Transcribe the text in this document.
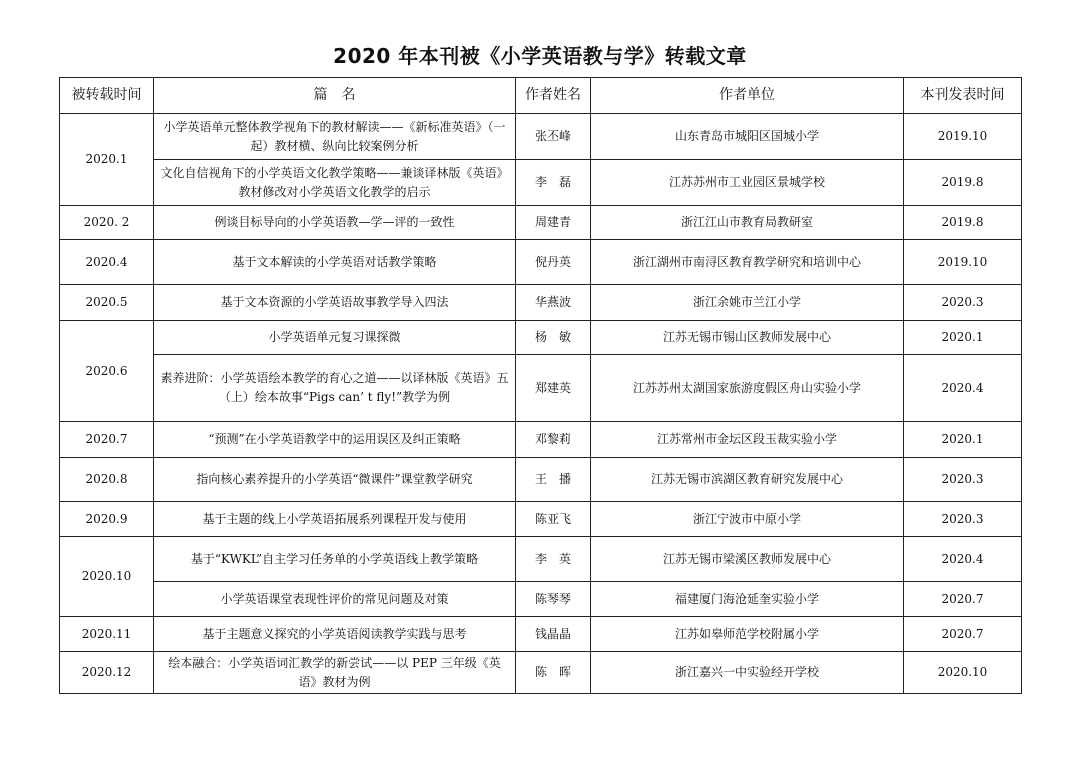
2020 年本刊被《小学英语教与学》转载文章
被转载时间	篇　名	作者姓名	作者单位	本刊发表时间
2020.1	小学英语单元整体教学视角下的教材解读——《新标准英语》（一起）教材横、纵向比较案例分析	张丕峰	山东青岛市城阳区国城小学	2019.10
	文化自信视角下的小学英语文化教学策略——兼谈译林版《英语》教材修改对小学英语文化教学的启示	李　磊	江苏苏州市工业园区景城学校	2019.8
2020. 2	例谈目标导向的小学英语教—学—评的一致性	周建青	浙江江山市教育局教研室	2019.8
2020.4	基于文本解读的小学英语对话教学策略	倪丹英	浙江湖州市南浔区教育教学研究和培训中心	2019.10
2020.5	基于文本资源的小学英语故事教学导入四法	华燕波	浙江余姚市兰江小学	2020.3
2020.6	小学英语单元复习课探微	杨　敏	江苏无锡市锡山区教师发展中心	2020.1
	素养进阶：小学英语绘本教学的育心之道——以译林版《英语》五（上）绘本故事“Pigs can’ t fly!”教学为例	郑建英	江苏苏州太湖国家旅游度假区舟山实验小学	2020.4
2020.7	“预测”在小学英语教学中的运用误区及纠正策略	邓黎莉	江苏常州市金坛区段玉裁实验小学	2020.1
2020.8	指向核心素养提升的小学英语“微课件”课堂教学研究	王　播	江苏无锡市滨湖区教育研究发展中心	2020.3
2020.9	基于主题的线上小学英语拓展系列课程开发与使用	陈亚飞	浙江宁波市中原小学	2020.3
2020.10	基于“KWKL”自主学习任务单的小学英语线上教学策略	李　英	江苏无锡市梁溪区教师发展中心	2020.4
	小学英语课堂表现性评价的常见问题及对策	陈琴琴	福建厦门海沧延奎实验小学	2020.7
2020.11	基于主题意义探究的小学英语阅读教学实践与思考	钱晶晶	江苏如皋师范学校附属小学	2020.7
2020.12	绘本融合：小学英语词汇教学的新尝试——以 PEP 三年级《英语》教材为例	陈　晖	浙江嘉兴一中实验经开学校	2020.10
